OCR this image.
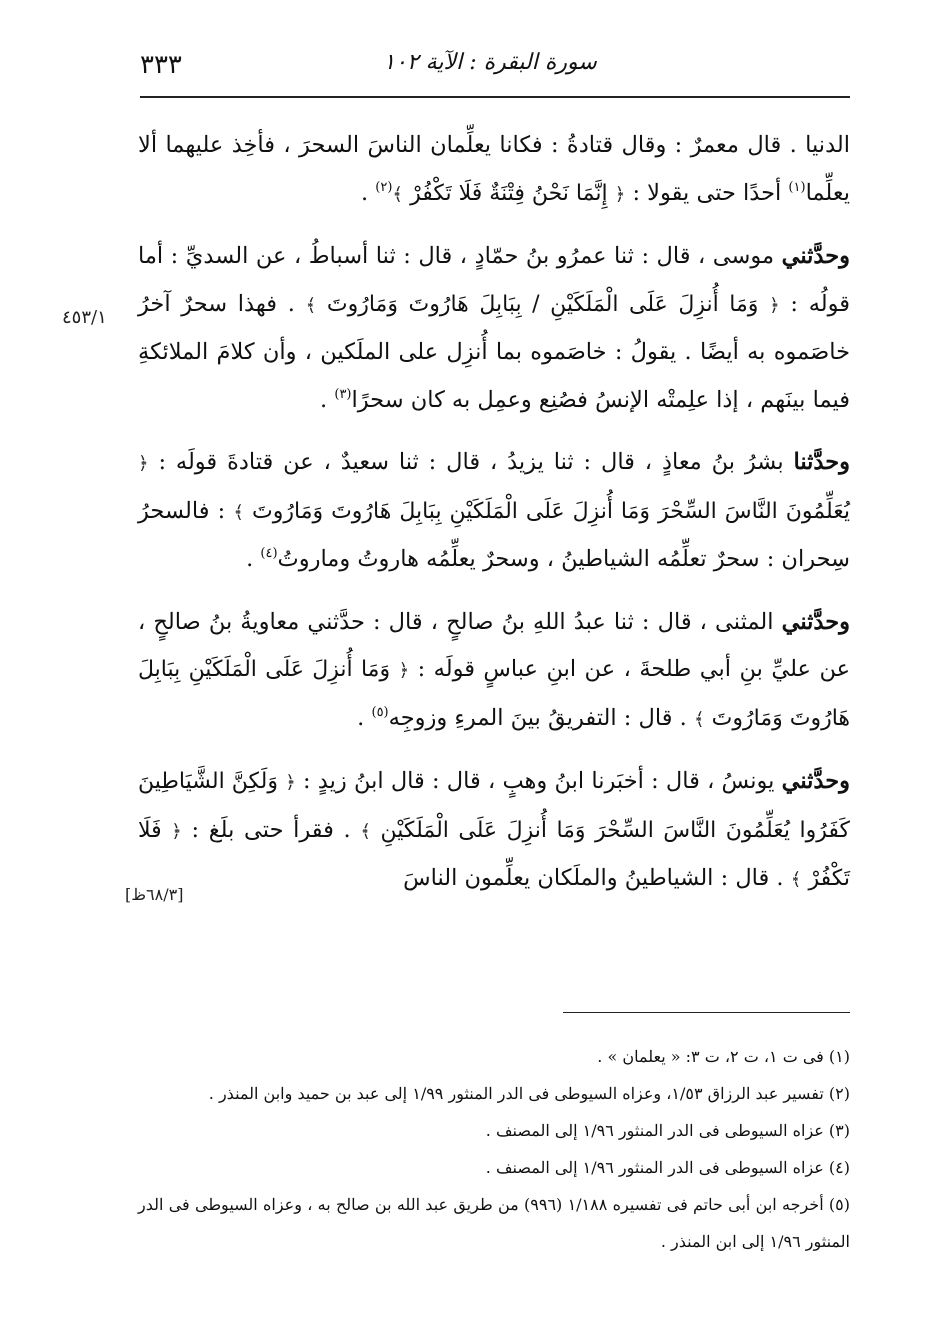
سورة البقرة : الآية ١٠٢
٣٣٣
٤٥٣/١
[٦٨/٣ظ]

الدنيا . قال معمرٌ : وقال قتادةُ : فكانا يعلِّمان الناسَ السحرَ ، فأخِذ عليهما ألا يعلِّما$^{(١)}$ أحدًا حتى يقولا : ﴿ إِنَّمَا نَحْنُ فِتْنَةٌ فَلَا تَكْفُرْ ﴾$^{(٢)}$ .

وحدَّثني موسى ، قال : ثنا عمرُو بنُ حمّادٍ ، قال : ثنا أسباطُ ، عن السديِّ : أما قولُه : ﴿ وَمَا أُنزِلَ عَلَى الْمَلَكَيْنِ / بِبَابِلَ هَارُوتَ وَمَارُوتَ ﴾ . فهذا سحرٌ آخرُ خاصَموه به أيضًا . يقولُ : خاصَموه بما أُنزِل على الملَكين ، وأن كلامَ الملائكةِ فيما بينَهم ، إذا علِمتْه الإنسُ فصُنِع وعمِل به كان سحرًا$^{(٣)}$ .

وحدَّثنا بشرُ بنُ معاذٍ ، قال : ثنا يزيدُ ، قال : ثنا سعيدٌ ، عن قتادةَ قولَه : ﴿ يُعَلِّمُونَ النَّاسَ السِّحْرَ وَمَا أُنزِلَ عَلَى الْمَلَكَيْنِ بِبَابِلَ هَارُوتَ وَمَارُوتَ ﴾ : فالسحرُ سِحران : سحرٌ تعلِّمُه الشياطينُ ، وسحرٌ يعلِّمُه هاروتُ وماروتُ$^{(٤)}$ .

وحدَّثني المثنى ، قال : ثنا عبدُ اللهِ بنُ صالحٍ ، قال : حدَّثني معاويةُ بنُ صالحٍ ، عن عليِّ بنِ أبي طلحةَ ، عن ابنِ عباسٍ قولَه : ﴿ وَمَا أُنزِلَ عَلَى الْمَلَكَيْنِ بِبَابِلَ هَارُوتَ وَمَارُوتَ ﴾ . قال : التفريقُ بينَ المرءِ وزوجِه$^{(٥)}$ .

وحدَّثني يونسُ ، قال : أخبَرنا ابنُ وهبٍ ، قال : قال ابنُ زيدٍ : ﴿ وَلَكِنَّ الشَّيَاطِينَ كَفَرُوا يُعَلِّمُونَ النَّاسَ السِّحْرَ وَمَا أُنزِلَ عَلَى الْمَلَكَيْنِ ﴾ . فقرأ حتى بلَغ : ﴿ فَلَا تَكْفُرْ ﴾ . قال : الشياطينُ والملَكان يعلِّمون الناسَ

(١) فى ت ١، ت ٢، ت ٣: « يعلمان » .
(٢) تفسير عبد الرزاق ١/٥٣، وعزاه السيوطى فى الدر المنثور ١/٩٩ إلى عبد بن حميد وابن المنذر .
(٣) عزاه السيوطى فى الدر المنثور ١/٩٦ إلى المصنف .
(٤) عزاه السيوطى فى الدر المنثور ١/٩٦ إلى المصنف .
(٥) أخرجه ابن أبى حاتم فى تفسيره ١/١٨٨ (٩٩٦) من طريق عبد الله بن صالح به ، وعزاه السيوطى فى الدر المنثور ١/٩٦ إلى ابن المنذر .
